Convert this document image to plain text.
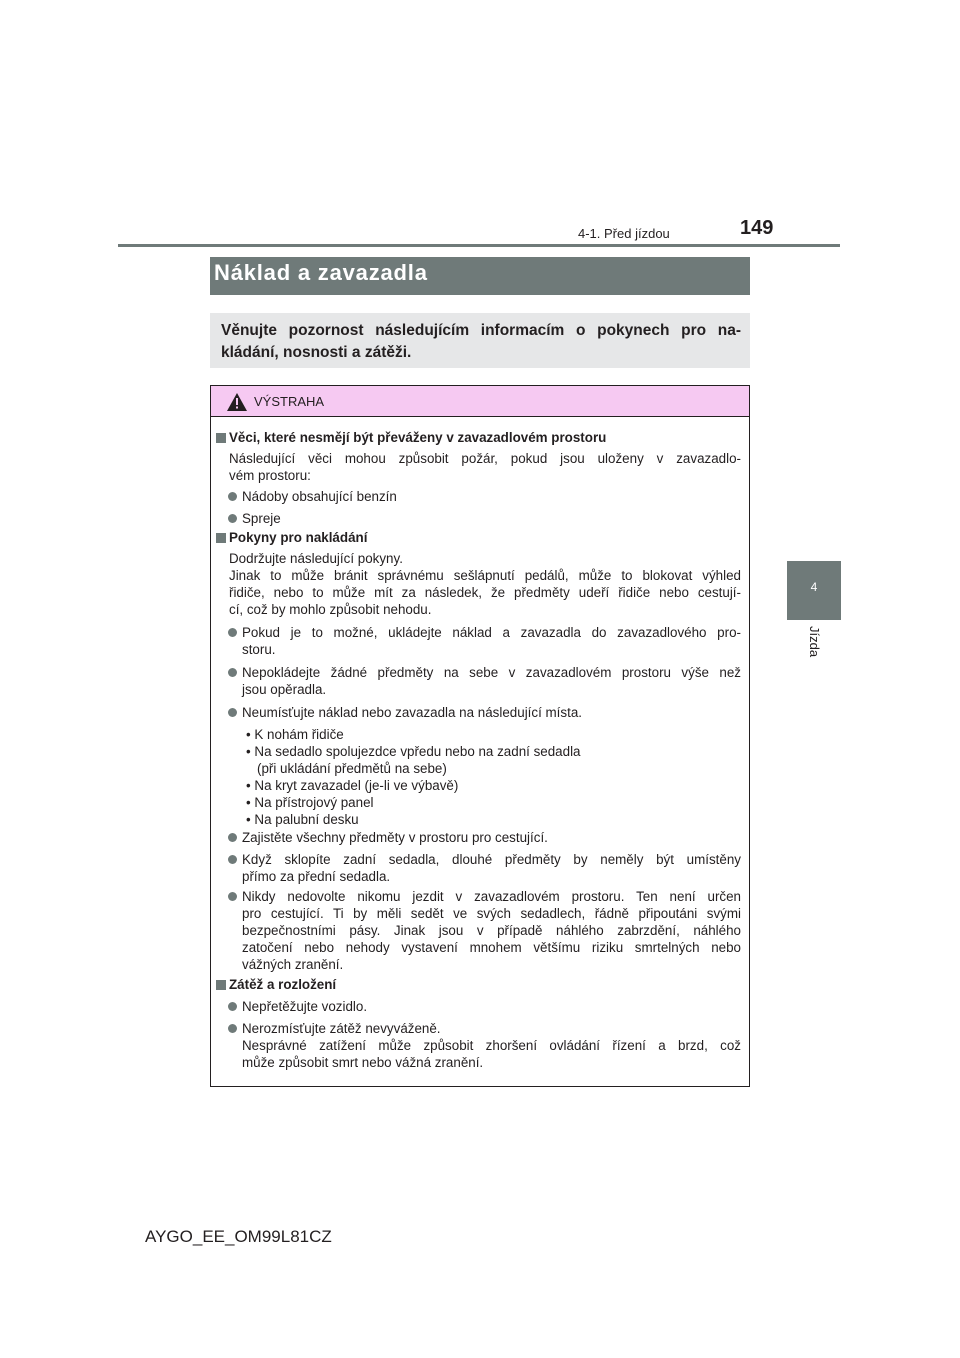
4-1. Před jízdou	149
4
Jízda
Náklad a zavazadla

Věnujte pozornost následujícím informacím o pokynech pro na-kládání, nosnosti a zátěži.

VÝSTRAHA
Věci, které nesmějí být převáženy v zavazadlovém prostoru
Následující věci mohou způsobit požár, pokud jsou uloženy v zavazadlo-
vém prostoru:
Nádoby obsahující benzín
Spreje
Pokyny pro nakládání
Dodržujte následující pokyny.
Jinak to může bránit správnému sešlápnutí pedálů, může to blokovat výhled
řidiče, nebo to může mít za následek, že předměty udeří řidiče nebo cestují-
cí, což by mohlo způsobit nehodu.
Pokud je to možné, ukládejte náklad a zavazadla do zavazadlového pro-
storu.
Nepokládejte žádné předměty na sebe v zavazadlovém prostoru výše než
jsou opěradla.
Neumísťujte náklad nebo zavazadla na následující místa.
• K nohám řidiče
• Na sedadlo spolujezdce vpředu nebo na zadní sedadla
(při ukládání předmětů na sebe)
• Na kryt zavazadel (je-li ve výbavě)
• Na přístrojový panel
• Na palubní desku
Zajistěte všechny předměty v prostoru pro cestující.
Když sklopíte zadní sedadla, dlouhé předměty by neměly být umístěny
přímo za přední sedadla.
Nikdy nedovolte nikomu jezdit v zavazadlovém prostoru. Ten není určen
pro cestující. Ti by měli sedět ve svých sedadlech, řádně připoutáni svými
bezpečnostními pásy. Jinak jsou v případě náhlého zabrzdění, náhlého
zatočení nebo nehody vystavení mnohem většímu riziku smrtelných nebo
vážných zranění.
Zátěž a rozložení
Nepřetěžujte vozidlo.
Nerozmísťujte zátěž nevyváženě.
Nesprávné zatížení může způsobit zhoršení ovládání řízení a brzd, což
může způsobit smrt nebo vážná zranění.
AYGO_EE_OM99L81CZ
